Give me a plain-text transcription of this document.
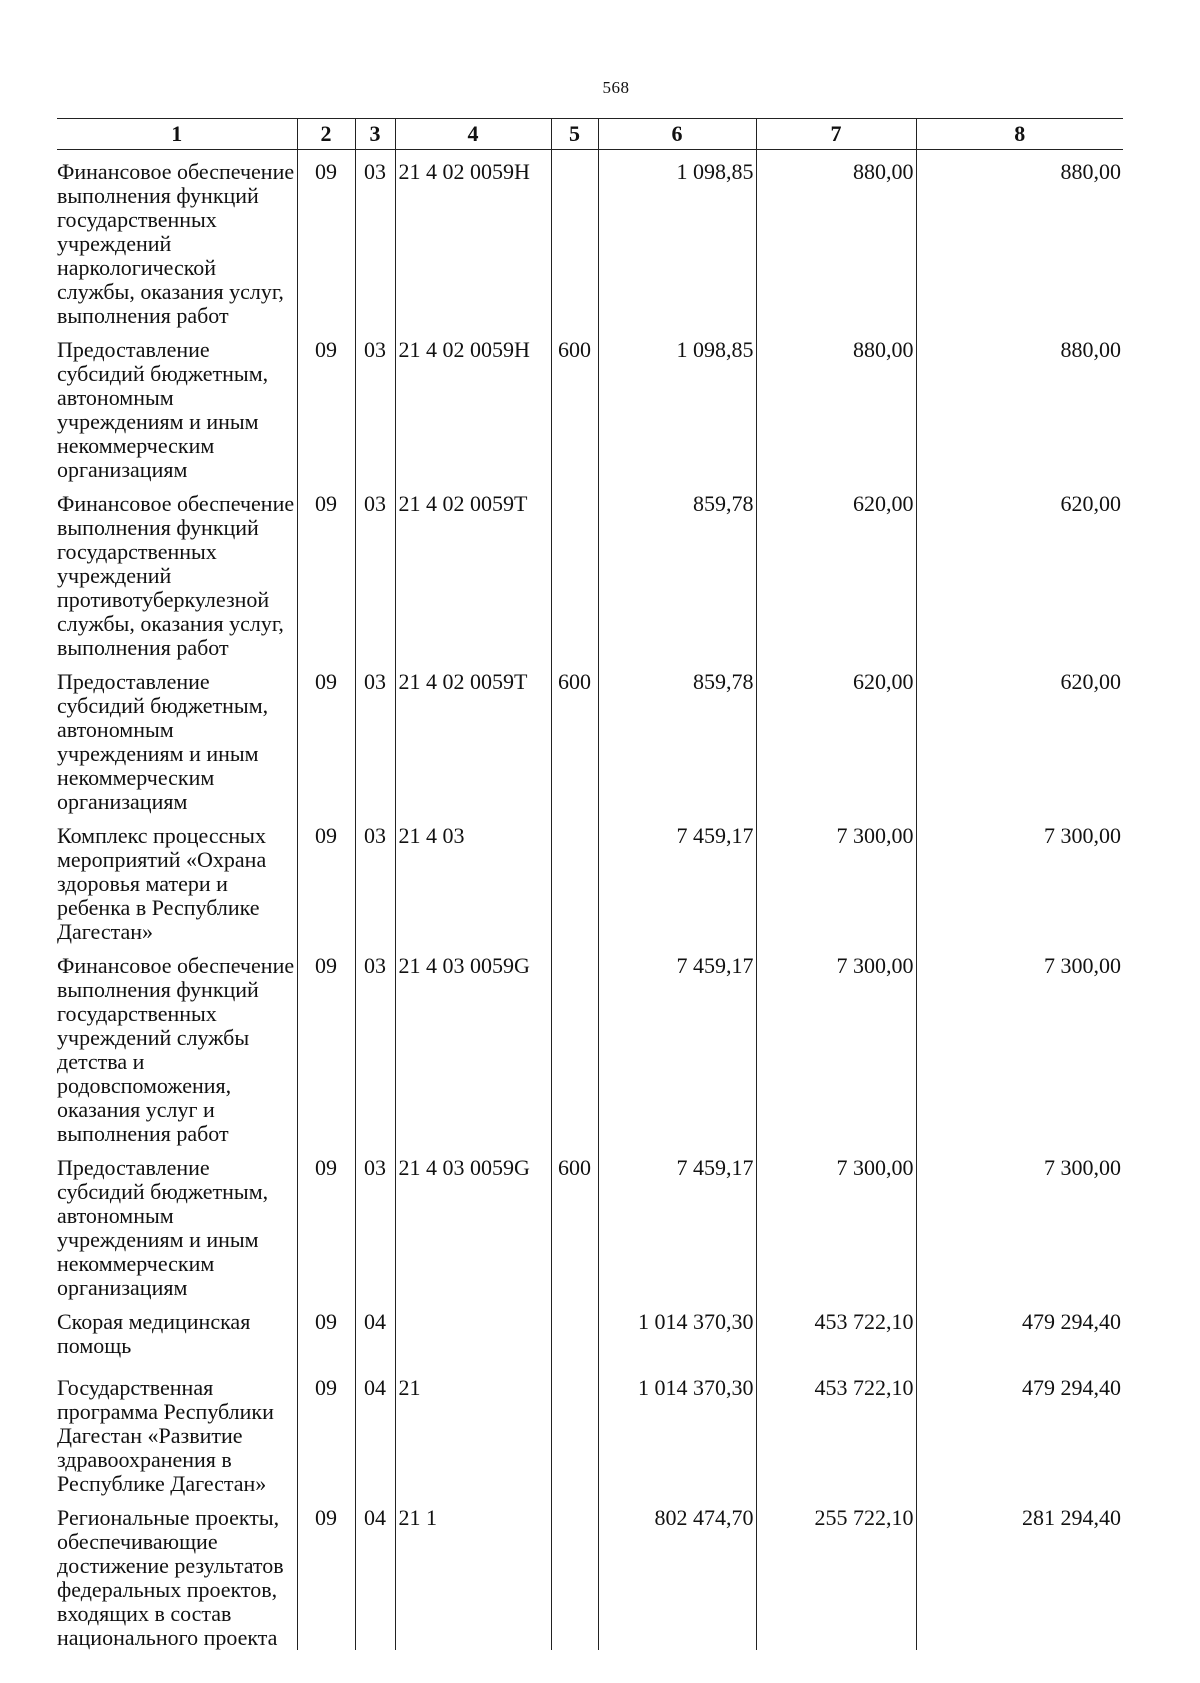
568
1	2	3	4	5	6	7	8
Финансовое обеспечение выполнения функций государственных учреждений наркологической службы, оказания услуг, выполнения работ	09	03	21 4 02 0059Н		1 098,85	880,00	880,00
Предоставление субсидий бюджетным, автономным учреждениям и иным некоммерческим организациям	09	03	21 4 02 0059Н	600	1 098,85	880,00	880,00
Финансовое обеспечение выполнения функций государственных учреждений противотуберкулезной службы, оказания услуг, выполнения работ	09	03	21 4 02 0059Т		859,78	620,00	620,00
Предоставление субсидий бюджетным, автономным учреждениям и иным некоммерческим организациям	09	03	21 4 02 0059Т	600	859,78	620,00	620,00
Комплекс процессных мероприятий «Охрана здоровья матери и ребенка в Республике Дагестан»	09	03	21 4 03		7 459,17	7 300,00	7 300,00
Финансовое обеспечение выполнения функций государственных учреждений службы детства и родовспоможения, оказания услуг и выполнения работ	09	03	21 4 03 0059G		7 459,17	7 300,00	7 300,00
Предоставление субсидий бюджетным, автономным учреждениям и иным некоммерческим организациям	09	03	21 4 03 0059G	600	7 459,17	7 300,00	7 300,00
Скорая медицинская помощь	09	04			1 014 370,30	453 722,10	479 294,40
Государственная программа Республики Дагестан «Развитие здравоохранения в Республике Дагестан»	09	04	21		1 014 370,30	453 722,10	479 294,40
Региональные проекты, обеспечивающие достижение результатов федеральных проектов, входящих в состав национального проекта	09	04	21 1		802 474,70	255 722,10	281 294,40
